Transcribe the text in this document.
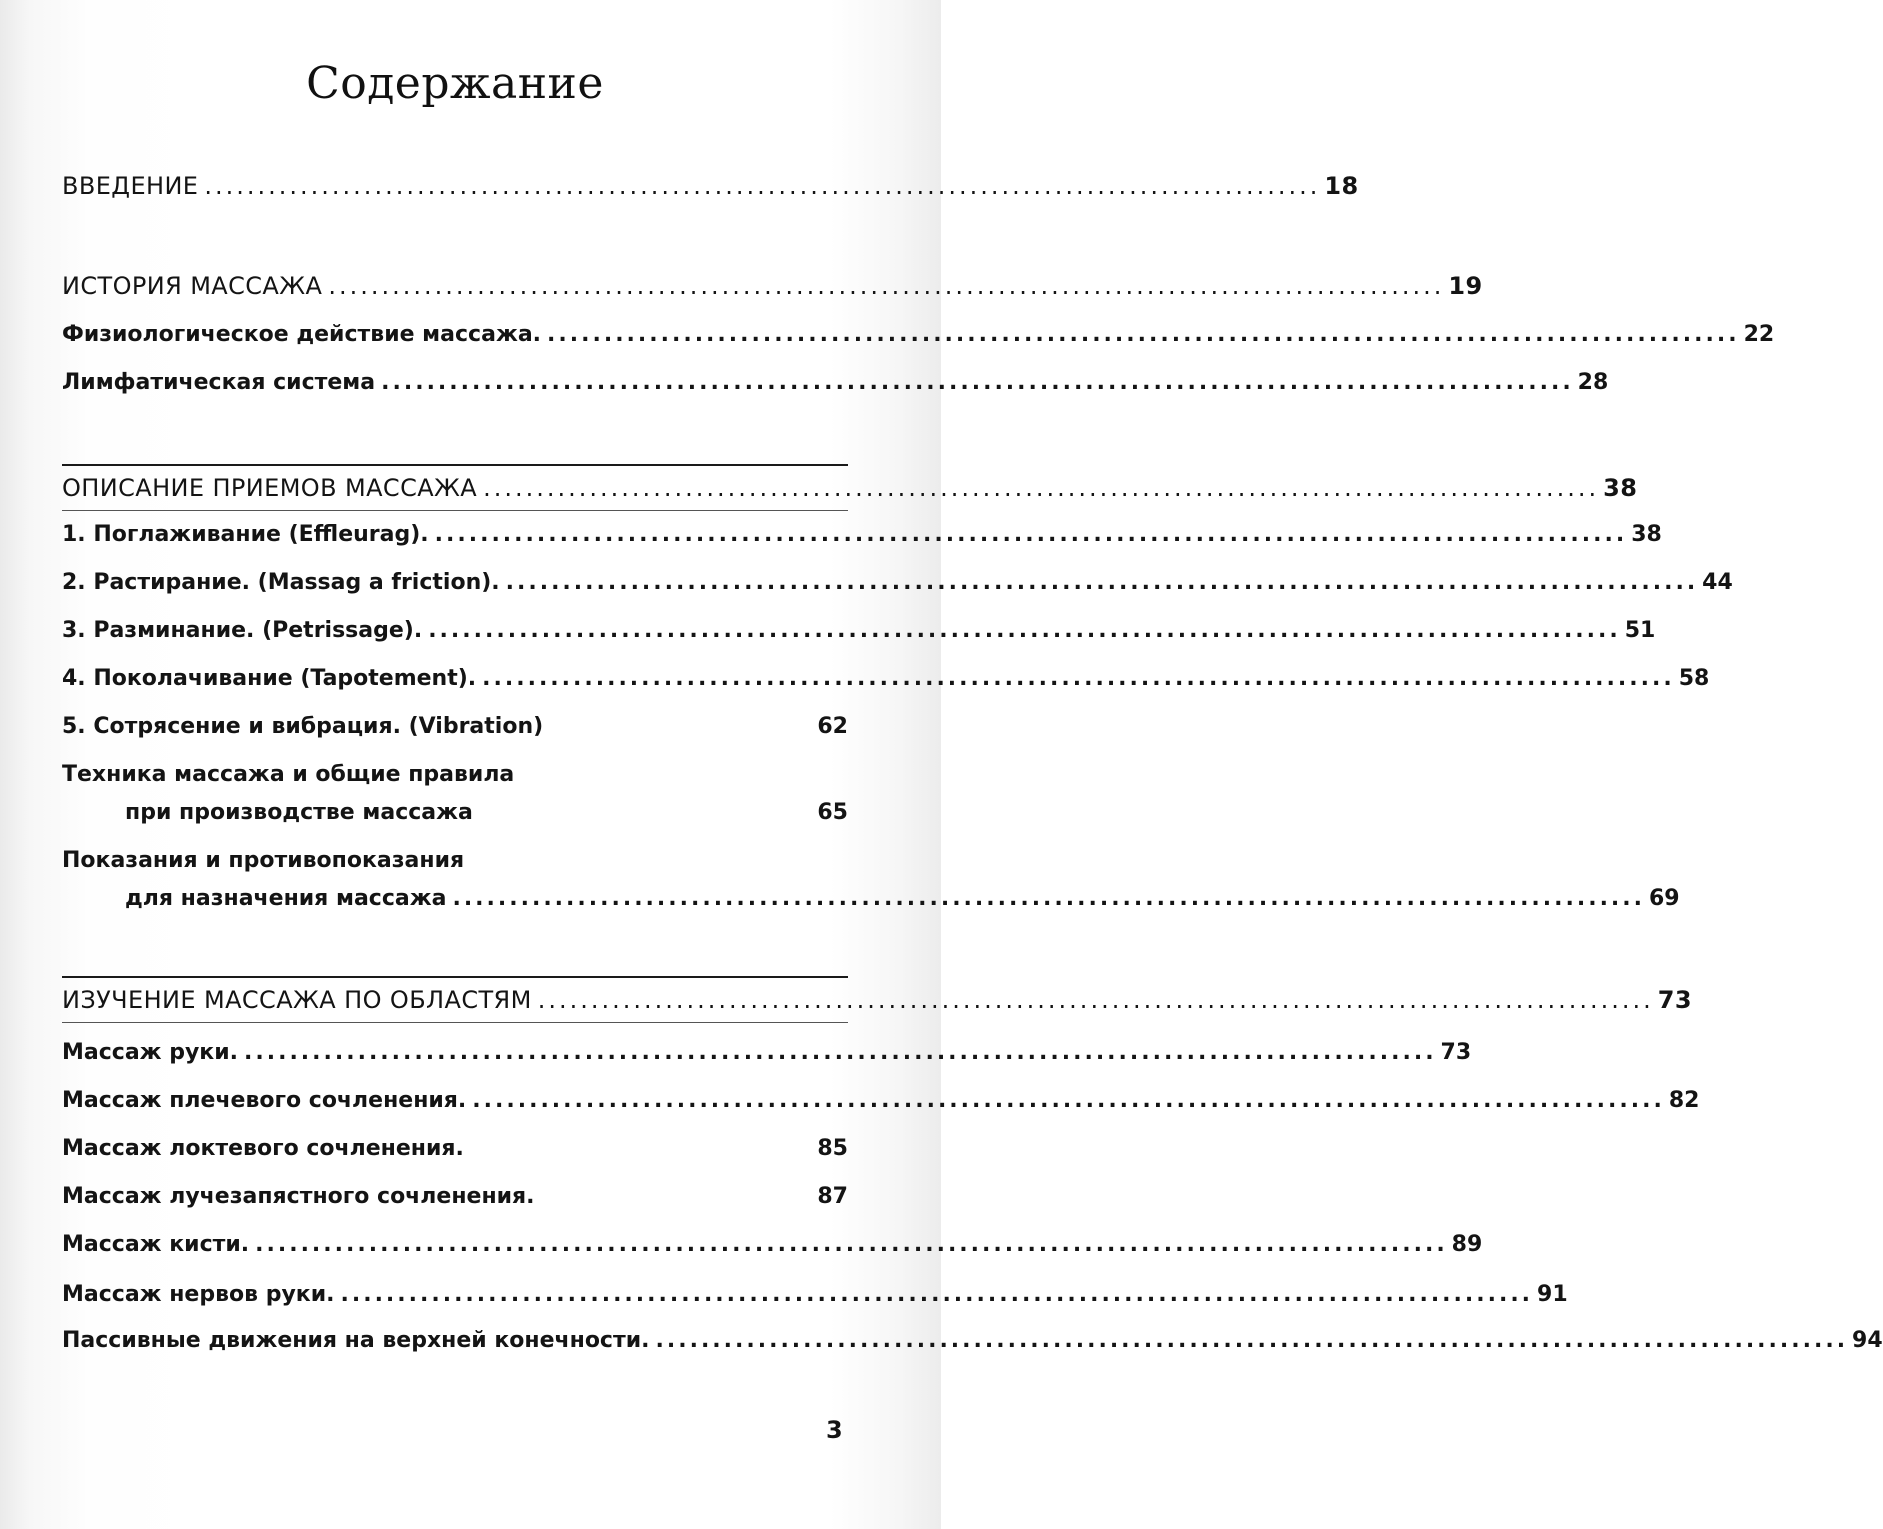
Содержание
ВВЕДЕНИЕ ......................................................................................................... 18
ИСТОРИЯ МАССАЖА ......................................................................................................... 19
Физиологическое действие массажа. ......................................................................................................... 22
Лимфатическая система ......................................................................................................... 28
ОПИСАНИЕ ПРИЕМОВ МАССАЖА ......................................................................................................... 38
1. Поглаживание (Effleurag). ......................................................................................................... 38
2. Растирание. (Massag a friction). ......................................................................................................... 44
3. Разминание. (Petrissage). ......................................................................................................... 51
4. Поколачивание (Tapotement). ......................................................................................................... 58
5. Сотрясение и вибрация. (Vibration)	62
Техника массажа и общие правила
при производстве массажа	65
Показания и противопоказания
для назначения массажа ......................................................................................................... 69
ИЗУЧЕНИЕ МАССАЖА ПО ОБЛАСТЯМ ......................................................................................................... 73
Массаж руки. ......................................................................................................... 73
Массаж плечевого сочленения. ......................................................................................................... 82
Массаж локтевого сочленения.	85
Массаж лучезапястного сочленения.	87
Массаж кисти. ......................................................................................................... 89
Массаж нервов руки. ......................................................................................................... 91
Пассивные движения на верхней конечности. ......................................................................................................... 94
3
